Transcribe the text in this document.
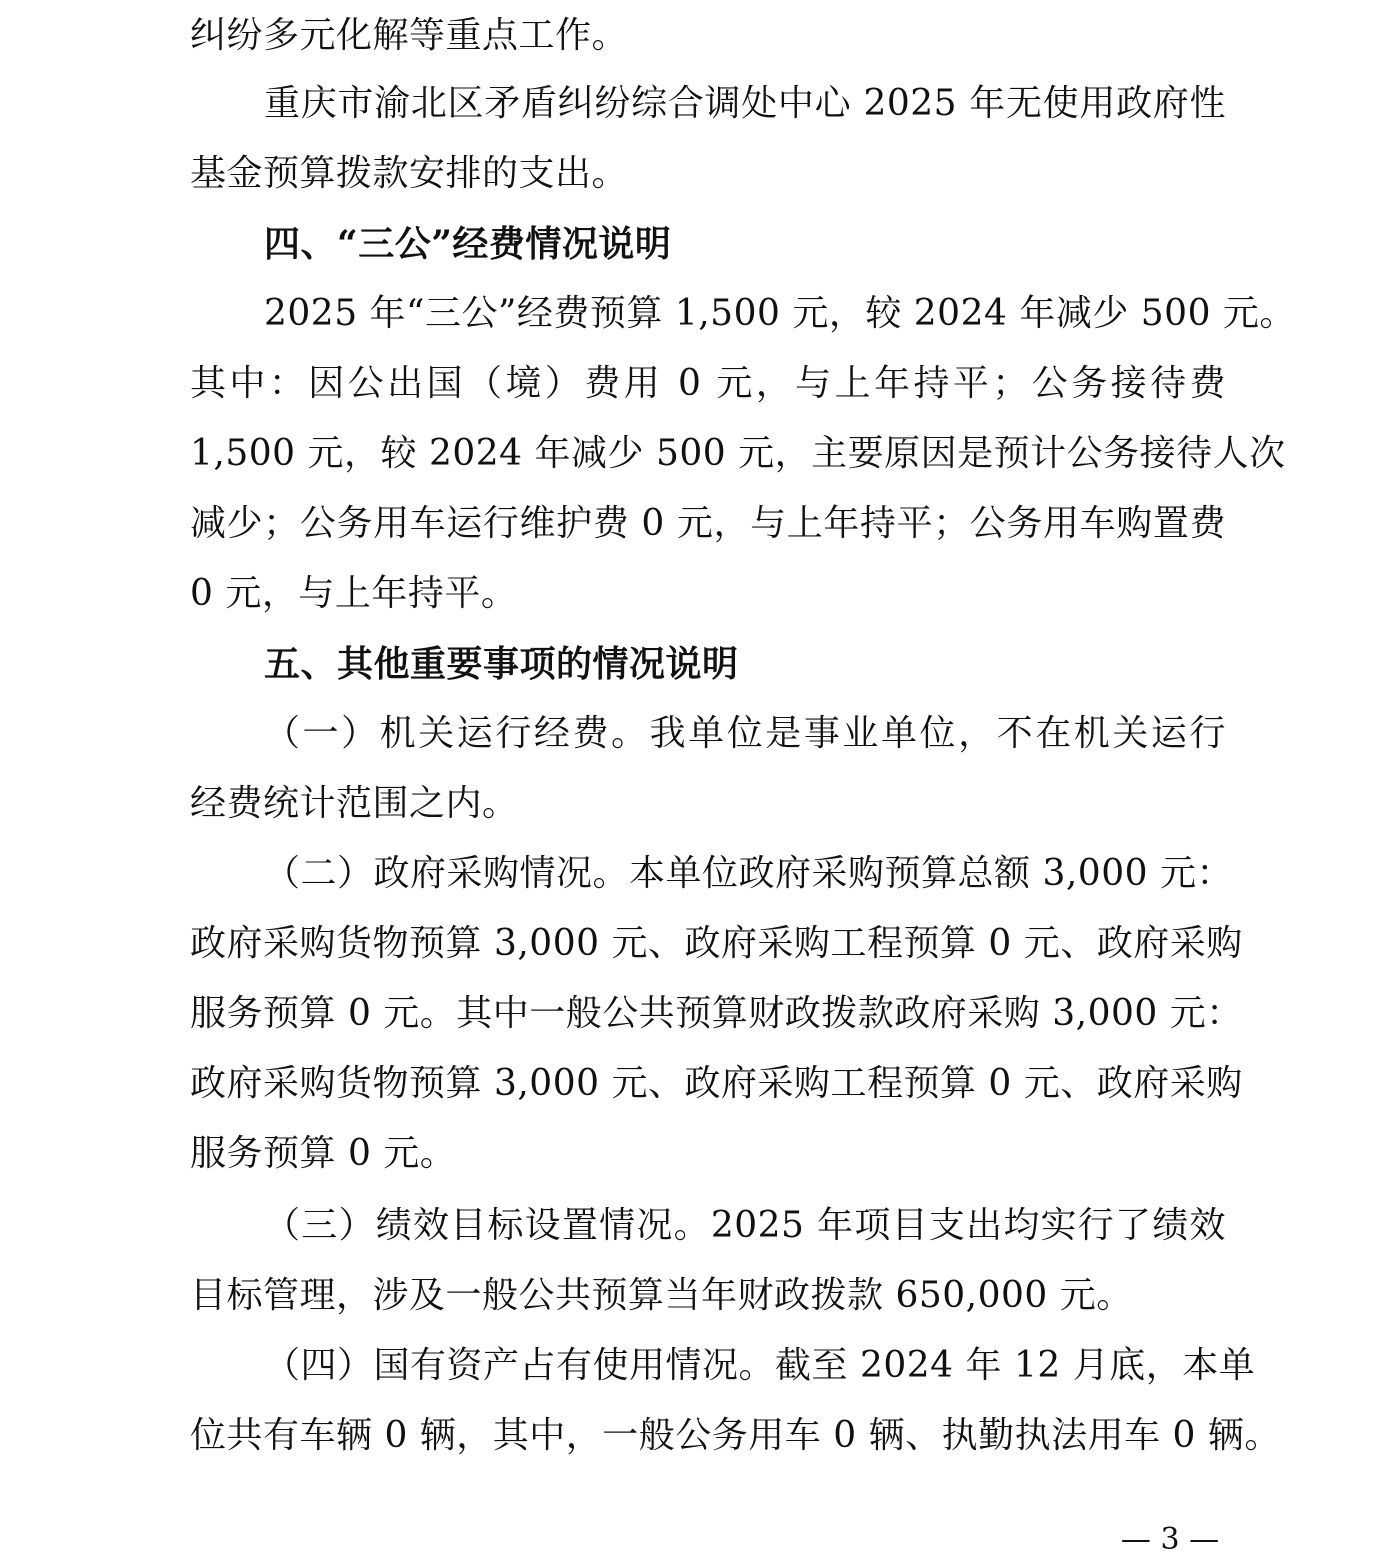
纠纷多元化解等重点工作。
重庆市渝北区矛盾纠纷综合调处中心 2025 年无使用政府性
基金预算拨款安排的支出。
四、“三公”经费情况说明
2025 年“三公”经费预算 1,500 元，较 2024 年减少 500 元。
其中：因公出国（境）费用 0 元，与上年持平；公务接待费
1,500 元，较 2024 年减少 500 元，主要原因是预计公务接待人次
减少；公务用车运行维护费 0 元，与上年持平；公务用车购置费
0 元，与上年持平。
五、其他重要事项的情况说明
（一）机关运行经费。我单位是事业单位，不在机关运行
经费统计范围之内。
（二）政府采购情况。本单位政府采购预算总额 3,000 元：
政府采购货物预算 3,000 元、政府采购工程预算 0 元、政府采购
服务预算 0 元。其中一般公共预算财政拨款政府采购 3,000 元：
政府采购货物预算 3,000 元、政府采购工程预算 0 元、政府采购
服务预算 0 元。
（三）绩效目标设置情况。2025 年项目支出均实行了绩效
目标管理，涉及一般公共预算当年财政拨款 650,000 元。
（四）国有资产占有使用情况。截至 2024 年 12 月底，本单
位共有车辆 0 辆，其中，一般公务用车 0 辆、执勤执法用车 0 辆。
— 3 —
